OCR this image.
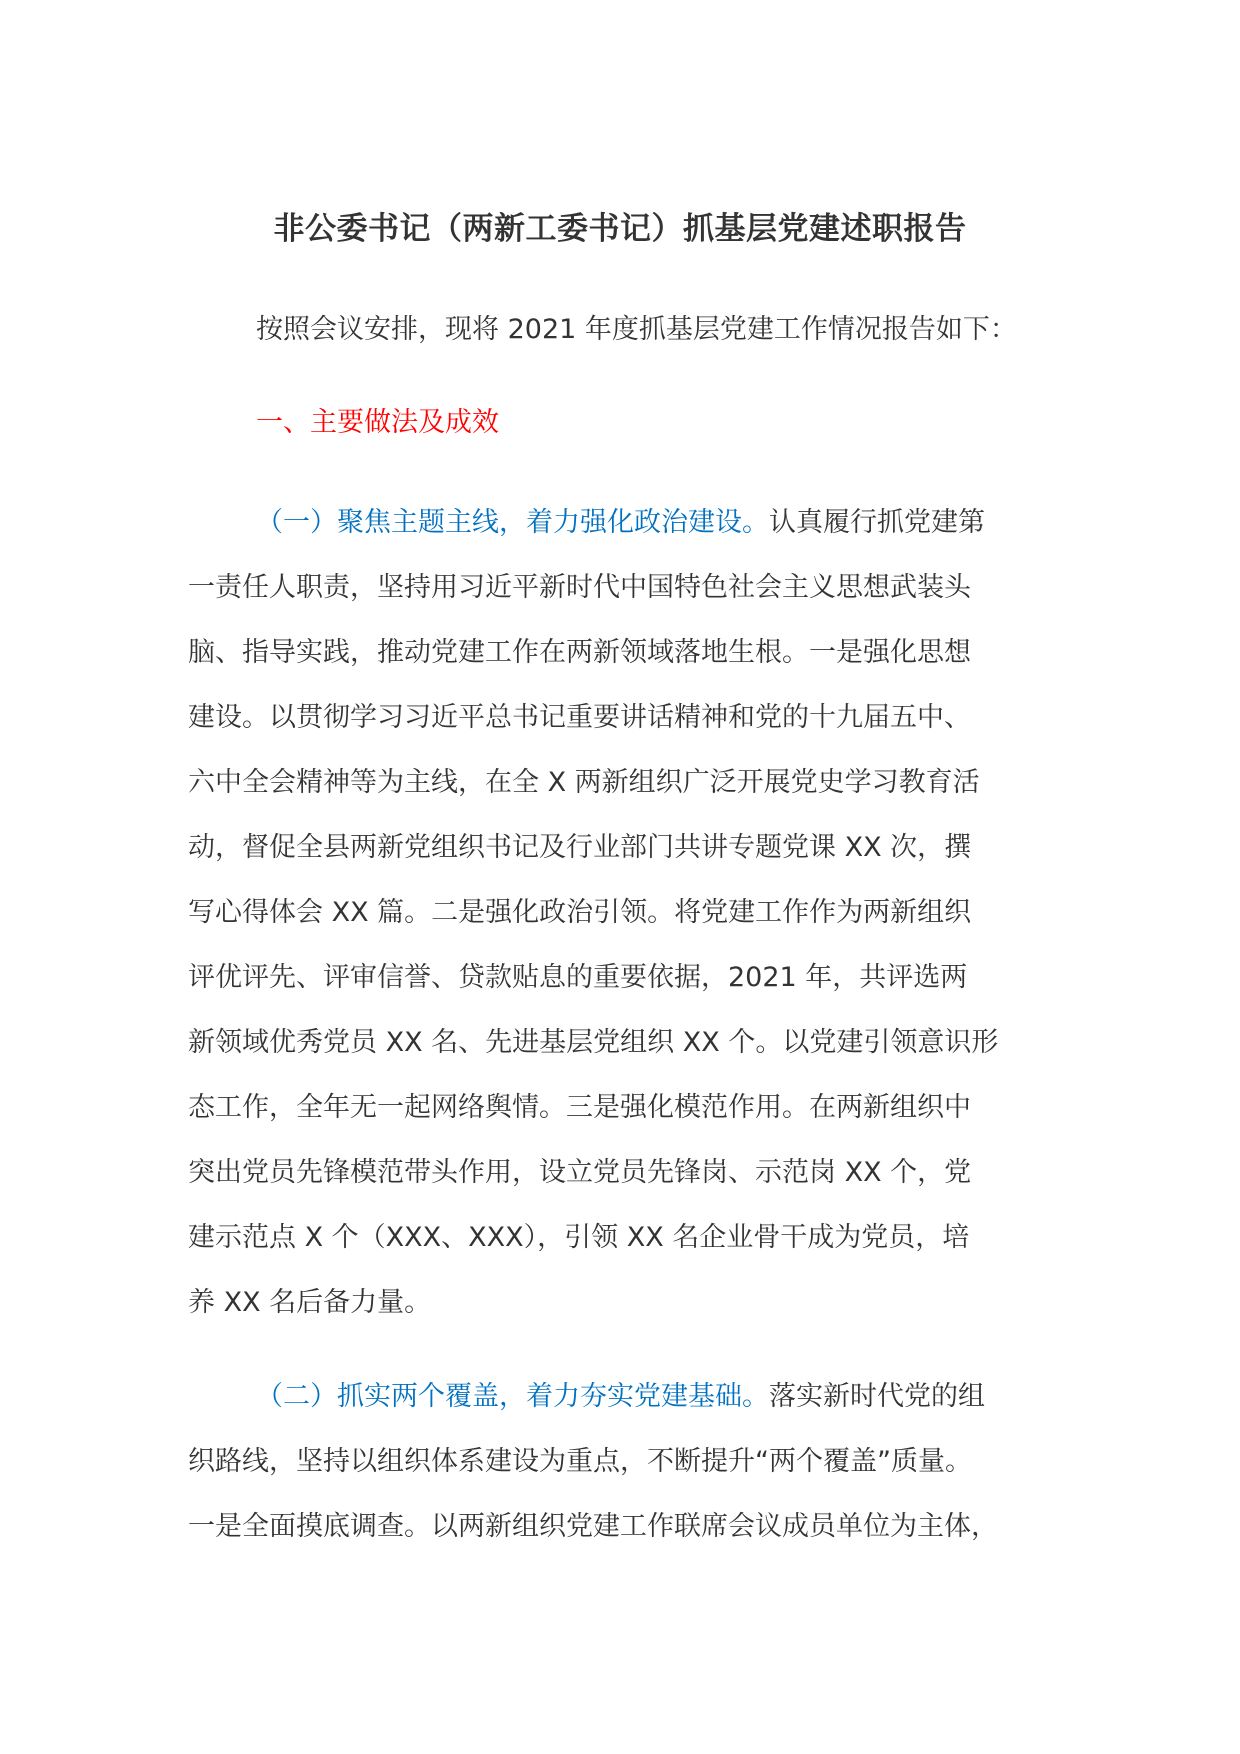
非公委书记（两新工委书记）抓基层党建述职报告
按照会议安排，现将 2021 年度抓基层党建工作情况报告如下：
一、主要做法及成效
（一）聚焦主题主线，着力强化政治建设。认真履行抓党建第
一责任人职责，坚持用习近平新时代中国特色社会主义思想武装头
脑、指导实践，推动党建工作在两新领域落地生根。一是强化思想
建设。以贯彻学习习近平总书记重要讲话精神和党的十九届五中、
六中全会精神等为主线，在全 X 两新组织广泛开展党史学习教育活
动，督促全县两新党组织书记及行业部门共讲专题党课 XX 次，撰
写心得体会 XX 篇。二是强化政治引领。将党建工作作为两新组织
评优评先、评审信誉、贷款贴息的重要依据，2021 年，共评选两
新领域优秀党员 XX 名、先进基层党组织 XX 个。以党建引领意识形
态工作，全年无一起网络舆情。三是强化模范作用。在两新组织中
突出党员先锋模范带头作用，设立党员先锋岗、示范岗 XX 个，党
建示范点 X 个（XXX、XXX），引领 XX 名企业骨干成为党员，培
养 XX 名后备力量。
（二）抓实两个覆盖，着力夯实党建基础。落实新时代党的组
织路线，坚持以组织体系建设为重点，不断提升“两个覆盖”质量。
一是全面摸底调查。以两新组织党建工作联席会议成员单位为主体，
